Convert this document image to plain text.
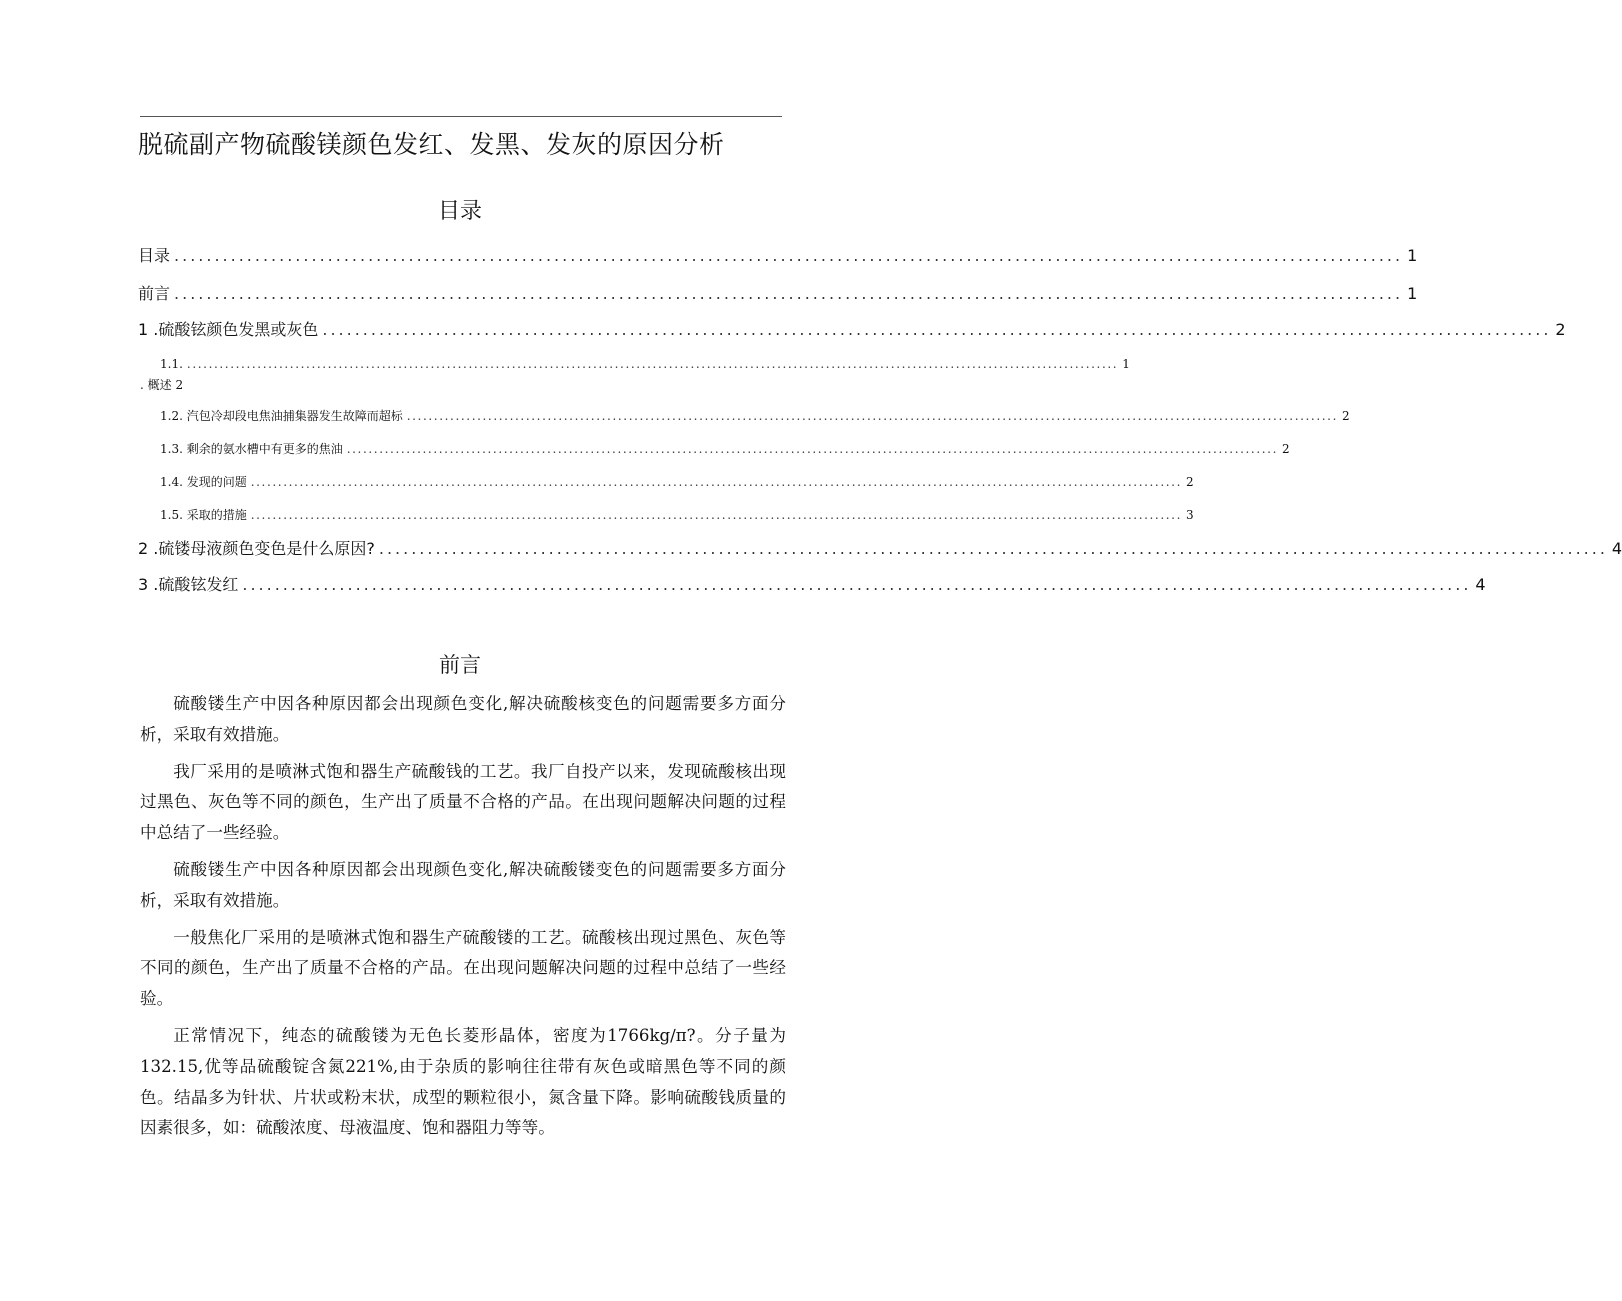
脱硫副产物硫酸镁颜色发红、发黑、发灰的原因分析
目录
目录 ........................................................................................................................................................ 1
前言 ........................................................................................................................................................ 1
1 .硫酸铉颜色发黑或灰色 ........................................................................................................................................................ 2
1.1. ............................................................................................................................................................................ 1
. 概述 2
1.2. 汽包冷却段电焦油捕集器发生故障而超标 ............................................................................................................................................................................ 2
1.3. 剩余的氨水槽中有更多的焦油 ............................................................................................................................................................................ 2
1.4. 发现的问题 ............................................................................................................................................................................ 2
1.5. 采取的措施 ............................................................................................................................................................................ 3
2 .硫镂母液颜色变色是什么原因? ........................................................................................................................................................ 4
3 .硫酸铉发红 ........................................................................................................................................................ 4
前言

硫酸镂生产中因各种原因都会出现颜色变化,解决硫酸核变色的问题需要多方面分析，采取有效措施。

我厂采用的是喷淋式饱和器生产硫酸钱的工艺。我厂自投产以来，发现硫酸核出现过黑色、灰色等不同的颜色，生产出了质量不合格的产品。在出现问题解决问题的过程中总结了一些经验。

硫酸镂生产中因各种原因都会出现颜色变化,解决硫酸镂变色的问题需要多方面分析，采取有效措施。

一般焦化厂采用的是喷淋式饱和器生产硫酸镂的工艺。硫酸核出现过黑色、灰色等不同的颜色，生产出了质量不合格的产品。在出现问题解决问题的过程中总结了一些经验。

正常情况下，纯态的硫酸镂为无色长菱形晶体，密度为1766kg∕π?。分子量为132.15,优等品硫酸锭含氮221%,由于杂质的影响往往带有灰色或暗黑色等不同的颜色。结晶多为针状、片状或粉末状，成型的颗粒很小，氮含量下降。影响硫酸钱质量的因素很多，如：硫酸浓度、母液温度、饱和器阻力等等。
